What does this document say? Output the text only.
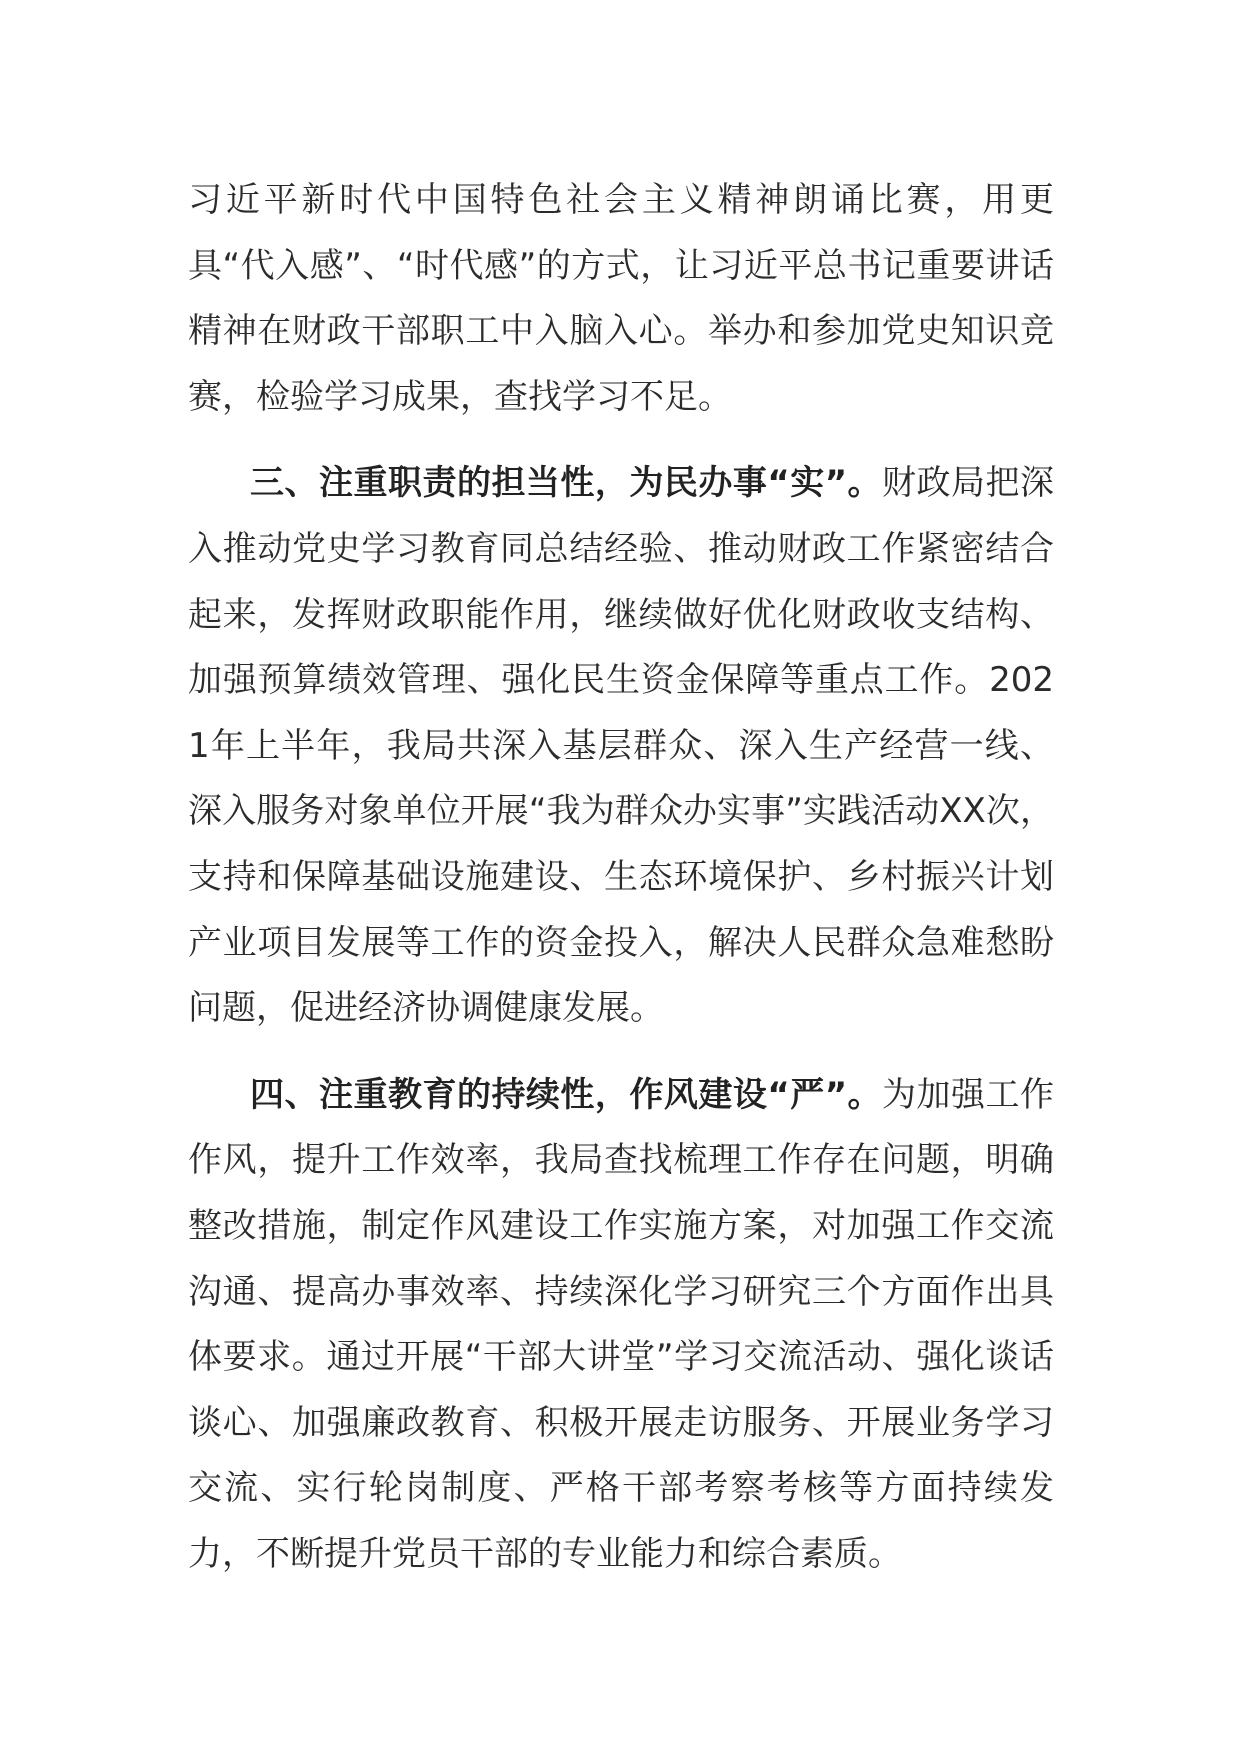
习近平新时代中国特色社会主义精神朗诵比赛，用更具“代入感”、“时代感”的方式，让习近平总书记重要讲话精神在财政干部职工中入脑入心。举办和参加党史知识竞赛，检验学习成果，查找学习不足。

三、注重职责的担当性，为民办事“实”。财政局把深入推动党史学习教育同总结经验、推动财政工作紧密结合起来，发挥财政职能作用，继续做好优化财政收支结构、加强预算绩效管理、强化民生资金保障等重点工作。2021年上半年，我局共深入基层群众、深入生产经营一线、深入服务对象单位开展“我为群众办实事”实践活动XX次，支持和保障基础设施建设、生态环境保护、乡村振兴计划产业项目发展等工作的资金投入，解决人民群众急难愁盼问题，促进经济协调健康发展。

四、注重教育的持续性，作风建设“严”。为加强工作作风，提升工作效率，我局查找梳理工作存在问题，明确整改措施，制定作风建设工作实施方案，对加强工作交流沟通、提高办事效率、持续深化学习研究三个方面作出具体要求。通过开展“干部大讲堂”学习交流活动、强化谈话谈心、加强廉政教育、积极开展走访服务、开展业务学习交流、实行轮岗制度、严格干部考察考核等方面持续发力，不断提升党员干部的专业能力和综合素质。
